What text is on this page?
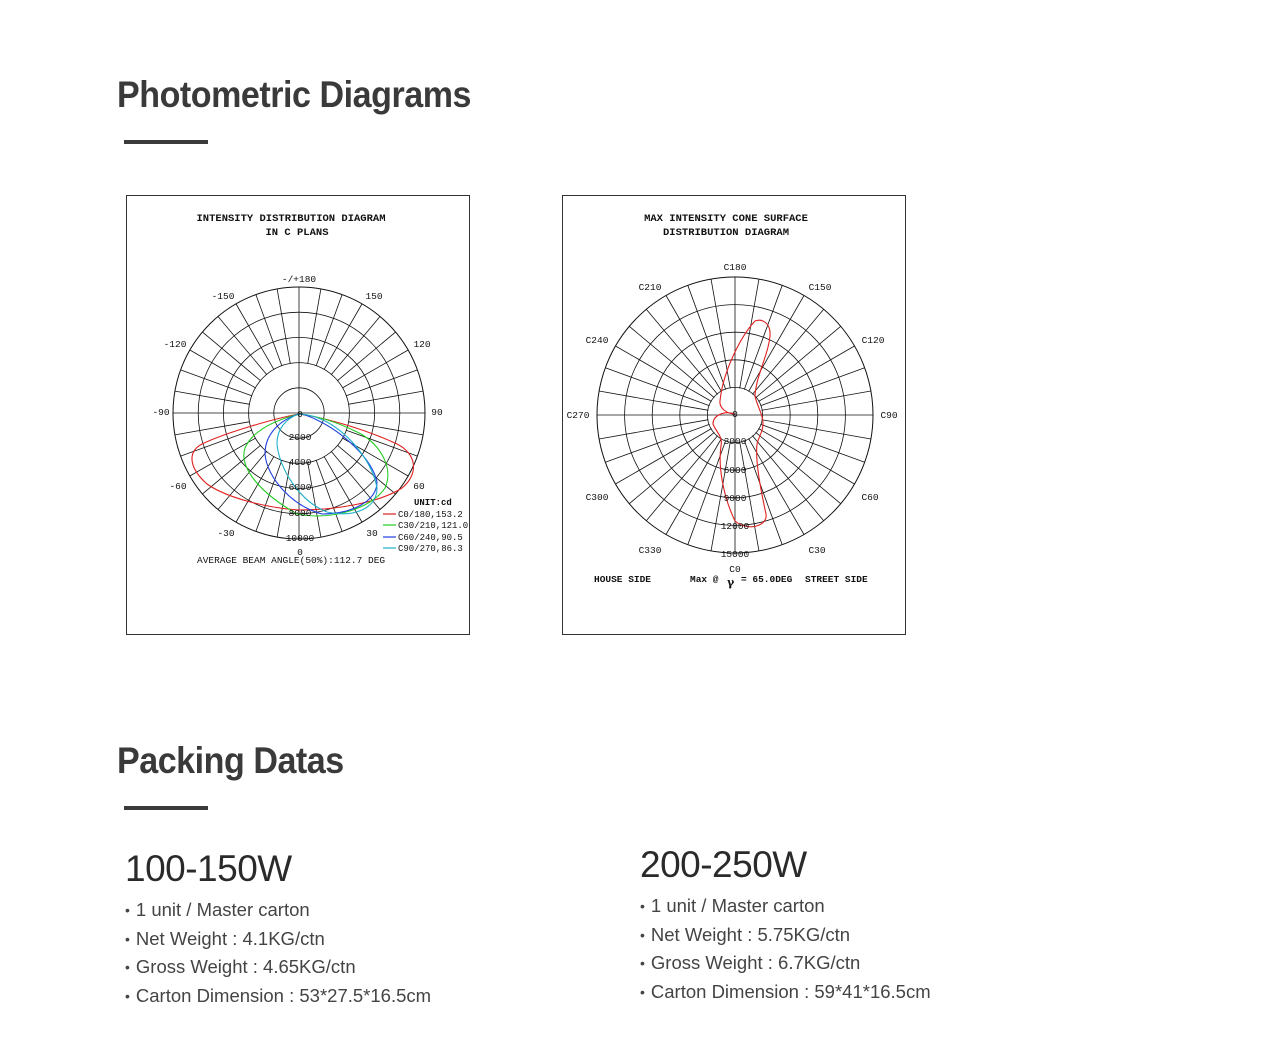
Photometric Diagrams
INTENSITY DISTRIBUTION DIAGRAM
IN C PLANS
-/+180
-150	150
-120	120
-90	90
-60	60
-30	30
0
0
2000
4000
6000
8000
10000
UNIT:cd
C0/180,153.2
C30/210,121.0
C60/240,90.5
C90/270,86.3
AVERAGE BEAM ANGLE(50%):112.7 DEG
MAX INTENSITY CONE SURFACE
DISTRIBUTION DIAGRAM
C180
C210	C150
C240	C120
C270	C90
C300	C60
C330	C30
C0
0
3000
6000
9000
12000
15000
HOUSE SIDE	Max @ γ = 65.0DEG STREET SIDE
Packing Datas
100-150W
• 1 unit / Master carton
• Net Weight : 4.1KG/ctn
• Gross Weight : 4.65KG/ctn
• Carton Dimension : 53*27.5*16.5cm
200-250W
• 1 unit / Master carton
• Net Weight : 5.75KG/ctn
• Gross Weight : 6.7KG/ctn
• Carton Dimension : 59*41*16.5cm
